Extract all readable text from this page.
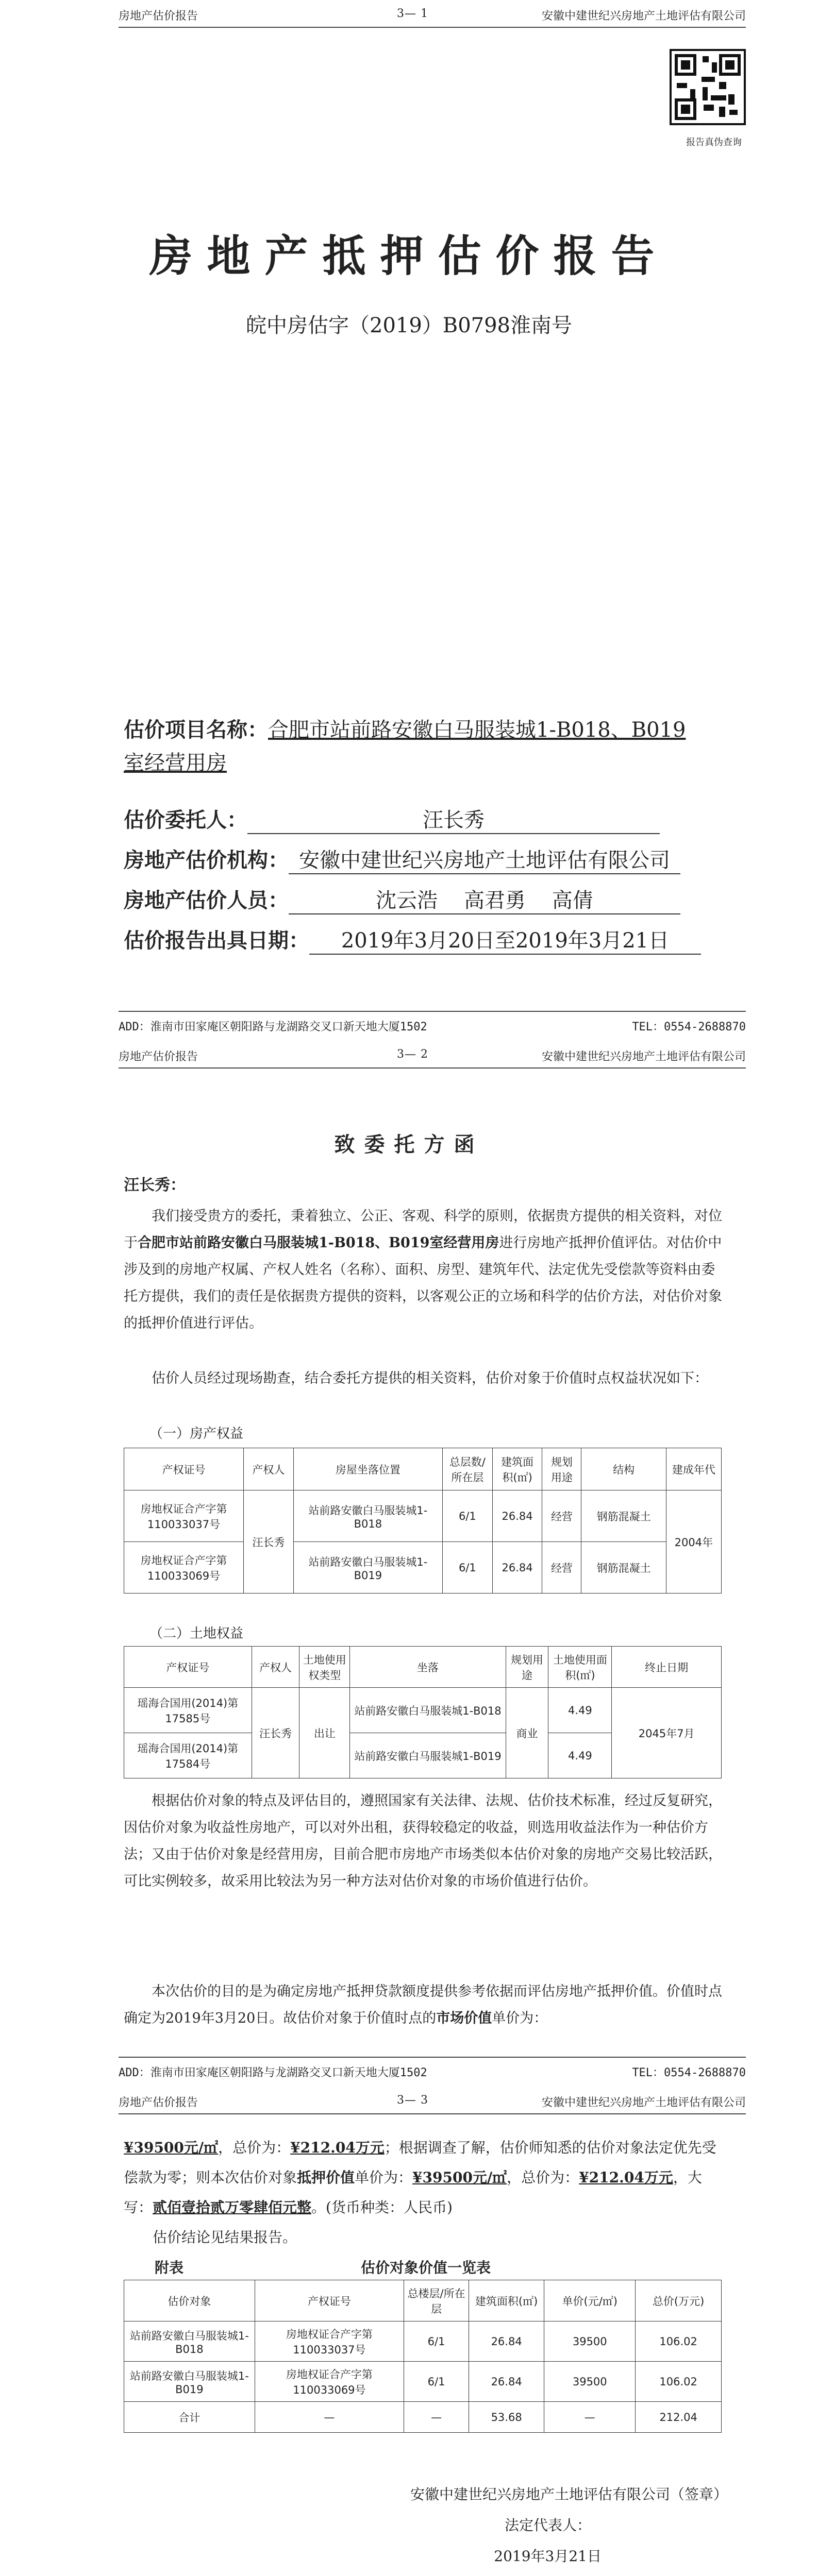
房地产估价报告	3— 1	安徽中建世纪兴房地产土地评估有限公司
报告真伪查询
房地产抵押估价报告
皖中房估字（2019）B0798淮南号
估价项目名称：合肥市站前路安徽白马服装城1-B018、B019室经营用房
估价委托人：	汪长秀
房地产估价机构： 安徽中建世纪兴房地产土地评估有限公司
房地产估价人员：	沈云浩    高君勇    高倩
估价报告出具日期： 2019年3月20日至2019年3月21日
ADD：淮南市田家庵区朝阳路与龙湖路交叉口新天地大厦1502	TEL：0554-2688870
房地产估价报告	3— 2	安徽中建世纪兴房地产土地评估有限公司
致委托方函
汪长秀：
我们接受贵方的委托，秉着独立、公正、客观、科学的原则，依据贵方提供的相关资料，对位于合肥市站前路安徽白马服装城1-B018、B019室经营用房进行房地产抵押价值评估。对估价中涉及到的房地产权属、产权人姓名（名称）、面积、房型、建筑年代、法定优先受偿款等资料由委托方提供，我们的责任是依据贵方提供的资料，以客观公正的立场和科学的估价方法，对估价对象的抵押价值进行评估。
估价人员经过现场勘查，结合委托方提供的相关资料，估价对象于价值时点权益状况如下：
（一）房产权益
产权证号	产权人	房屋坐落位置	总层数/所在层	建筑面积(㎡)	规划用途	结构	建成年代
房地权证合产字第110033037号	汪长秀	站前路安徽白马服装城1-B018	6/1	26.84	经营	钢筋混凝土	2004年
房地权证合产字第110033069号		站前路安徽白马服装城1-B019	6/1	26.84	经营	钢筋混凝土	
（二）土地权益
产权证号	产权人	土地使用权类型	坐落	规划用途	土地使用面积(㎡)	终止日期
瑶海合国用(2014)第17585号	汪长秀	出让	站前路安徽白马服装城1-B018	商业	4.49	2045年7月
瑶海合国用(2014)第17584号			站前路安徽白马服装城1-B019		4.49	
根据估价对象的特点及评估目的，遵照国家有关法律、法规、估价技术标准，经过反复研究，因估价对象为收益性房地产，可以对外出租，获得较稳定的收益，则选用收益法作为一种估价方法；又由于估价对象是经营用房，目前合肥市房地产市场类似本估价对象的房地产交易比较活跃，可比实例较多，故采用比较法为另一种方法对估价对象的市场价值进行估价。
本次估价的目的是为确定房地产抵押贷款额度提供参考依据而评估房地产抵押价值。价值时点确定为2019年3月20日。故估价对象于价值时点的市场价值单价为：
ADD：淮南市田家庵区朝阳路与龙湖路交叉口新天地大厦1502	TEL：0554-2688870
房地产估价报告	3— 3	安徽中建世纪兴房地产土地评估有限公司
¥39500元/㎡，总价为：¥212.04万元；根据调查了解，估价师知悉的估价对象法定优先受偿款为零；则本次估价对象抵押价值单价为：¥39500元/㎡，总价为：¥212.04万元，大写：贰佰壹拾贰万零肆佰元整。(货币种类：人民币)
估价结论见结果报告。
附表	估价对象价值一览表
估价对象	产权证号	总楼层/所在层	建筑面积(㎡)	单价(元/㎡)	总价(万元)
站前路安徽白马服装城1-B018	房地权证合产字第110033037号	6/1	26.84	39500	106.02
站前路安徽白马服装城1-B019	房地权证合产字第110033069号	6/1	26.84	39500	106.02
合计	—	—	53.68	—	212.04
安徽中建世纪兴房地产土地评估有限公司（签章）
法定代表人：
2019年3月21日
